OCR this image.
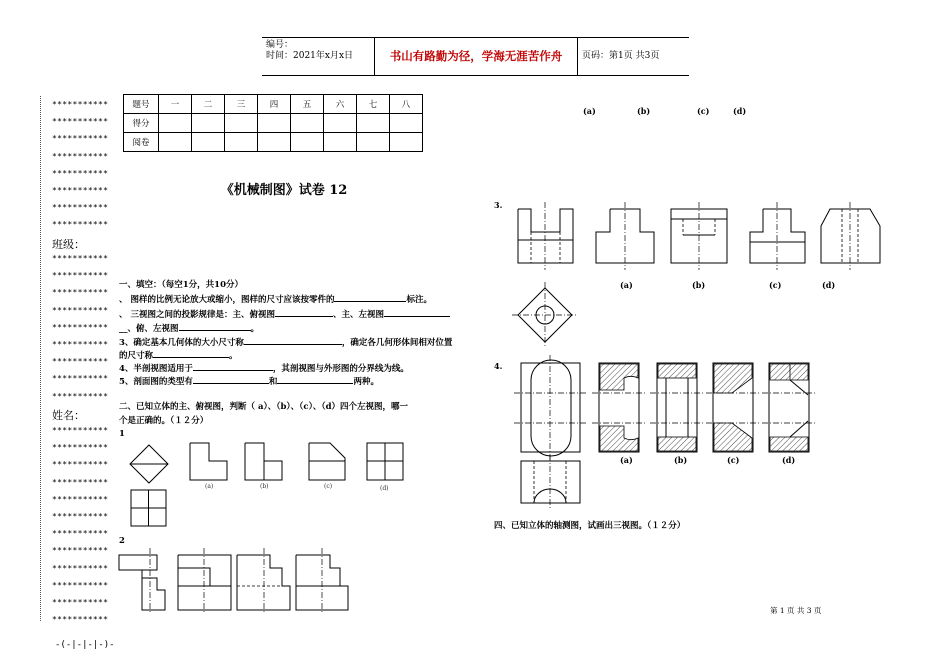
编号：
时间：2021年x月x日	书山有路勤为径，学海无涯苦作舟	页码：第1页 共3页
***********
***********
***********
***********
***********
***********
***********
***********
***********
***********
***********
***********
***********
***********
***********
***********
***********
***********
***********
***********
***********
***********
***********
***********
***********
***********
***********
***********
***********
班级：
姓名：
-(-|-|-|-)-
题号	一	二	三	四	五	六	七	八
得分								
阅卷								
《机械制图》试卷 12
一、填空：（每空1分，共10分）
、 图样的比例无论放大或缩小，图样的尺寸应该按零件的	标注。
、 三视图之间的投影规律是：主、俯视图	、主、左视图
__、俯、左视图	。
3、确定基本几何体的大小尺寸称	，确定各几何形体间相对位置
的尺寸称	。
4、半剖视图适用于	，其剖视图与外形图的分界线为线。
5、剖面图的类型有	和	两种。
二、已知立体的主、俯视图，判断（ a）、（b）、（c）、（d）四个左视图，哪一
个是正确的。（１２分）
1
(a)	(b)	(c)	(d)
2
(a)	(b)	(c)	(d)
3.
(a)	(b)	(c)	(d)
4.
(a)	(b)	(c)	(d)
四、已知立体的轴测图，试画出三视图。（１２分）
第 1 页 共 3 页
